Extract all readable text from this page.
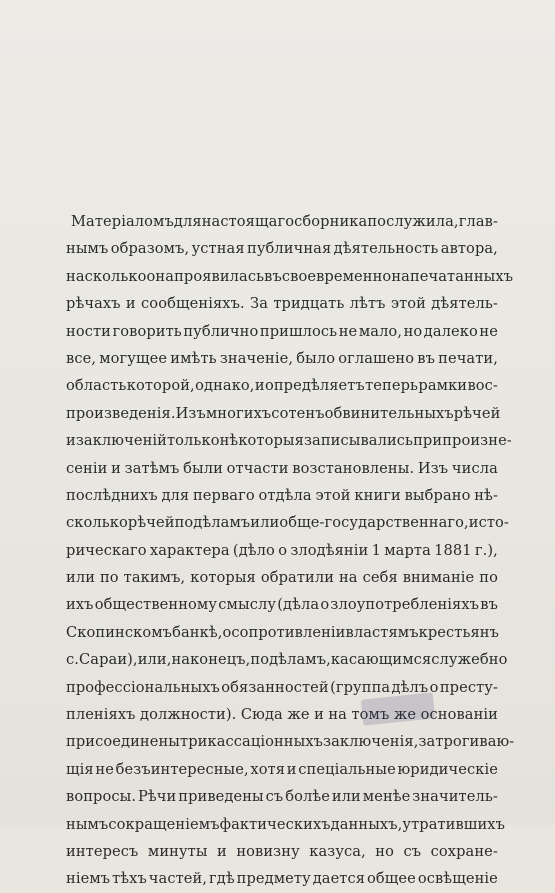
Матеріаломъ для настоящаго сборника послужила, глав-
нымъ образомъ, устная публичная дѣятельность автора,
насколько она проявилась въ своевременно напечатанныхъ
рѣчахъ и сообщеніяхъ. За тридцать лѣтъ этой дѣятель-
ности говорить публично пришлось не мало, но далеко не
все, могущее имѣть значеніе, было оглашено въ печати,
область которой, однако, и опредѣляетъ теперь рамки вос-
произведенія. Изъ многихъ сотенъ обвинительныхъ рѣчей
и заключеній только нѣкоторыя записывались при произне-
сеніи и затѣмъ были отчасти возстановлены. Изъ числа
послѣднихъ для перваго отдѣла этой книги выбрано нѣ-
сколько рѣчей по дѣламъ или обще-государственнаго, исто-
рическаго характера (дѣло о злодѣяніи 1 марта 1881 г.),
или по такимъ, которыя обратили на себя вниманіе по
ихъ общественному смыслу (дѣла о злоупотребленіяхъ въ
Скопинскомъ банкѣ, о сопротивленіи властямъ крестьянъ
с. Сараи), или, наконецъ, по дѣламъ, касающимся служебно
профессіональныхъ обязанностей (группа дѣлъ о престу-
пленіяхъ должности). Сюда же и на томъ же основаніи
присоединены три кассаціонныхъ заключенія, затрогиваю-
щія не безъинтересные, хотя и спеціальные юридическіе
вопросы. Рѣчи приведены съ болѣе или менѣе значитель-
нымъ сокращеніемъ фактическихъ данныхъ, утратившихъ
интересъ минуты и новизну казуса, но съ сохране-
ніемъ тѣхъ частей, гдѣ предмету дается общее освѣщеніе
